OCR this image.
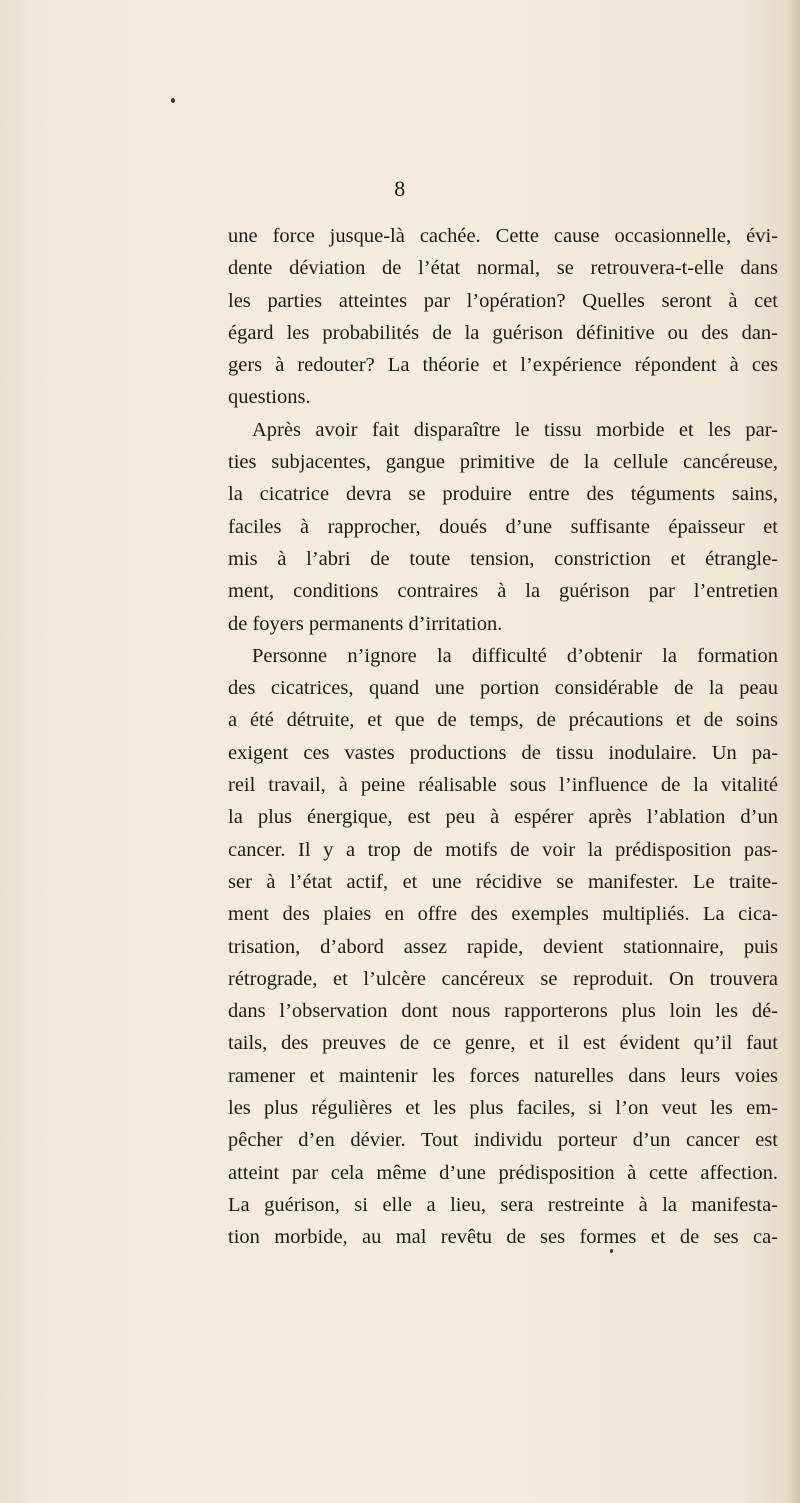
8
une force jusque-là cachée. Cette cause occasionnelle, évi-
dente déviation de l’état normal, se retrouvera-t-elle dans
les parties atteintes par l’opération? Quelles seront à cet
égard les probabilités de la guérison définitive ou des dan-
gers à redouter? La théorie et l’expérience répondent à ces
questions.
Après avoir fait disparaître le tissu morbide et les par-
ties subjacentes, gangue primitive de la cellule cancéreuse,
la cicatrice devra se produire entre des téguments sains,
faciles à rapprocher, doués d’une suffisante épaisseur et
mis à l’abri de toute tension, constriction et étrangle-
ment, conditions contraires à la guérison par l’entretien
de foyers permanents d’irritation.
Personne n’ignore la difficulté d’obtenir la formation
des cicatrices, quand une portion considérable de la peau
a été détruite, et que de temps, de précautions et de soins
exigent ces vastes productions de tissu inodulaire. Un pa-
reil travail, à peine réalisable sous l’influence de la vitalité
la plus énergique, est peu à espérer après l’ablation d’un
cancer. Il y a trop de motifs de voir la prédisposition pas-
ser à l’état actif, et une récidive se manifester. Le traite-
ment des plaies en offre des exemples multipliés. La cica-
trisation, d’abord assez rapide, devient stationnaire, puis
rétrograde, et l’ulcère cancéreux se reproduit. On trouvera
dans l’observation dont nous rapporterons plus loin les dé-
tails, des preuves de ce genre, et il est évident qu’il faut
ramener et maintenir les forces naturelles dans leurs voies
les plus régulières et les plus faciles, si l’on veut les em-
pêcher d’en dévier. Tout individu porteur d’un cancer est
atteint par cela même d’une prédisposition à cette affection.
La guérison, si elle a lieu, sera restreinte à la manifesta-
tion morbide, au mal revêtu de ses formes et de ses ca-
